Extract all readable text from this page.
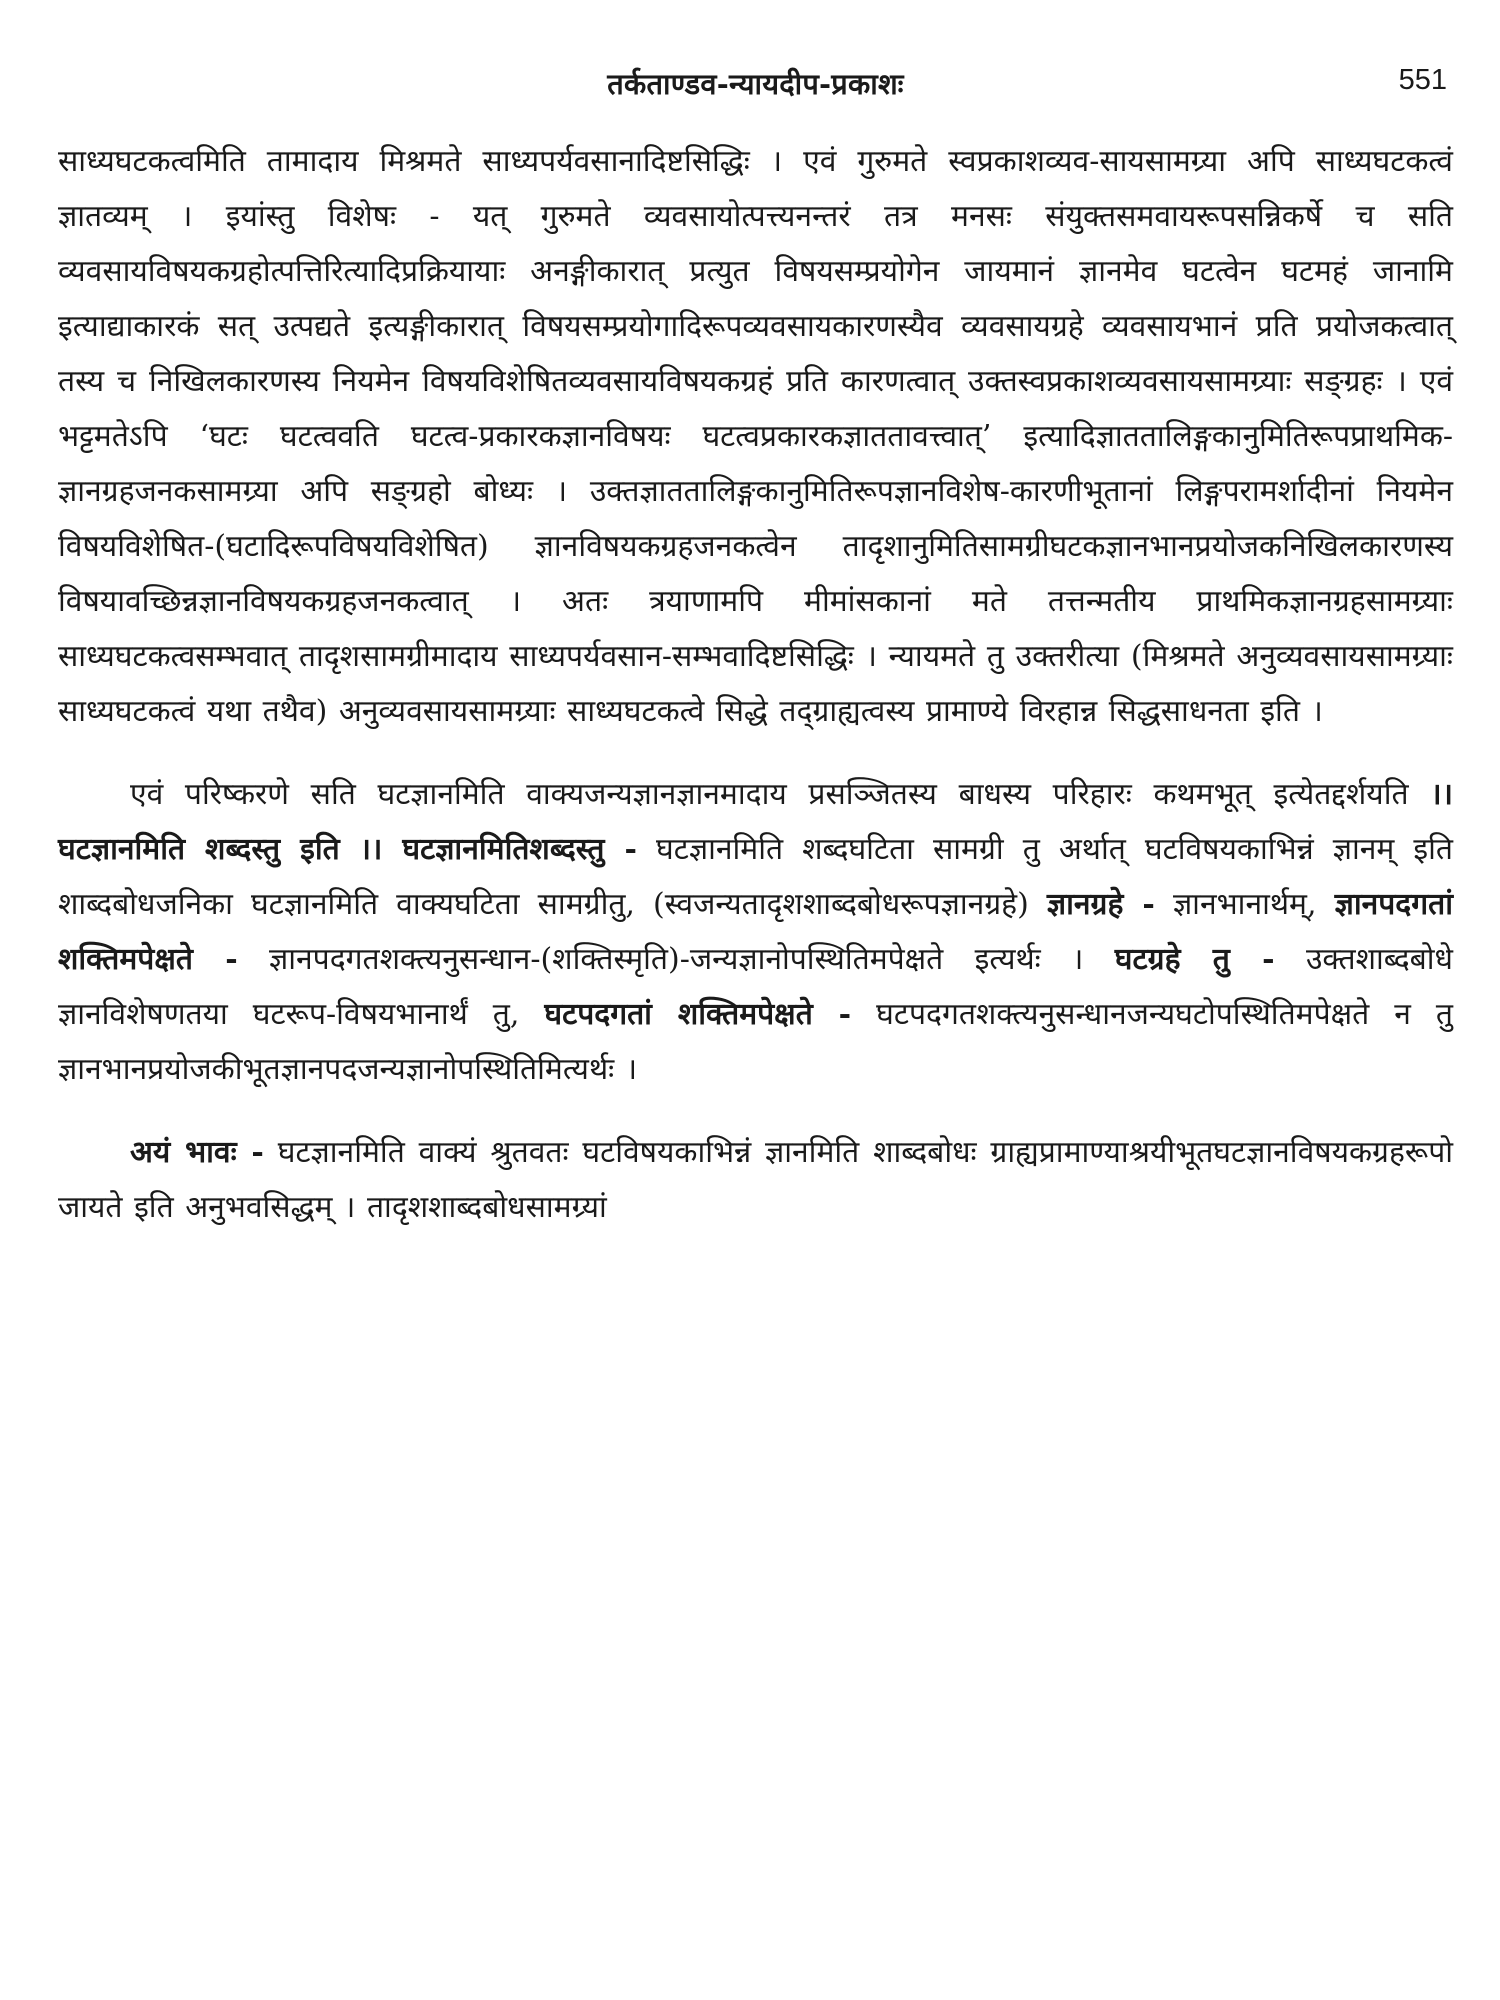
तर्कताण्डव-न्यायदीप-प्रकाशः	551

साध्यघटकत्वमिति तामादाय मिश्रमते साध्यपर्यवसानादिष्टसिद्धिः । एवं गुरुमते स्वप्रकाशव्यव-सायसामग्र्या अपि साध्यघटकत्वं ज्ञातव्यम् । इयांस्तु विशेषः - यत् गुरुमते व्यवसायोत्पत्त्यनन्तरं तत्र मनसः संयुक्तसमवायरूपसन्निकर्षे च सति व्यवसायविषयकग्रहोत्पत्तिरित्यादिप्रक्रियायाः अनङ्गीकारात् प्रत्युत विषयसम्प्रयोगेन जायमानं ज्ञानमेव घटत्वेन घटमहं जानामि इत्याद्याकारकं सत् उत्पद्यते इत्यङ्गीकारात् विषयसम्प्रयोगादिरूपव्यवसायकारणस्यैव व्यवसायग्रहे व्यवसायभानं प्रति प्रयोजकत्वात् तस्य च निखिलकारणस्य नियमेन विषयविशेषितव्यवसायविषयकग्रहं प्रति कारणत्वात् उक्तस्वप्रकाशव्यवसायसामग्र्याः सङ्ग्रहः । एवं भट्टमतेऽपि ‘घटः घटत्ववति घटत्व-प्रकारकज्ञानविषयः घटत्वप्रकारकज्ञाततावत्त्वात्’ इत्यादिज्ञाततालिङ्गकानुमितिरूपप्राथमिक-ज्ञानग्रहजनकसामग्र्या अपि सङ्ग्रहो बोध्यः । उक्तज्ञाततालिङ्गकानुमितिरूपज्ञानविशेष-कारणीभूतानां लिङ्गपरामर्शादीनां नियमेन विषयविशेषित-(घटादिरूपविषयविशेषित) ज्ञानविषयकग्रहजनकत्वेन तादृशानुमितिसामग्रीघटकज्ञानभानप्रयोजकनिखिलकारणस्य विषयावच्छिन्नज्ञानविषयकग्रहजनकत्वात् । अतः त्रयाणामपि मीमांसकानां मते तत्तन्मतीय प्राथमिकज्ञानग्रहसामग्र्याः साध्यघटकत्वसम्भवात् तादृशसामग्रीमादाय साध्यपर्यवसान-सम्भवादिष्टसिद्धिः । न्यायमते तु उक्तरीत्या (मिश्रमते अनुव्यवसायसामग्र्याः साध्यघटकत्वं यथा तथैव) अनुव्यवसायसामग्र्याः साध्यघटकत्वे सिद्धे तद्ग्राह्यत्वस्य प्रामाण्ये विरहान्न सिद्धसाधनता इति ।

एवं परिष्करणे सति घटज्ञानमिति वाक्यजन्यज्ञानज्ञानमादाय प्रसञ्जितस्य बाधस्य परिहारः कथमभूत् इत्येतद्दर्शयति ।। घटज्ञानमिति शब्दस्तु इति ।। घटज्ञानमितिशब्दस्तु - घटज्ञानमिति शब्दघटिता सामग्री तु अर्थात् घटविषयकाभिन्नं ज्ञानम् इति शाब्दबोधजनिका घटज्ञानमिति वाक्यघटिता सामग्रीतु, (स्वजन्यतादृशशाब्दबोधरूपज्ञानग्रहे) ज्ञानग्रहे - ज्ञानभानार्थम्, ज्ञानपदगतां शक्तिमपेक्षते - ज्ञानपदगतशक्त्यनुसन्धान-(शक्तिस्मृति)-जन्यज्ञानोपस्थितिमपेक्षते इत्यर्थः । घटग्रहे तु - उक्तशाब्दबोधे ज्ञानविशेषणतया घटरूप-विषयभानार्थं तु, घटपदगतां शक्तिमपेक्षते - घटपदगतशक्त्यनुसन्धानजन्यघटोपस्थितिमपेक्षते न तु ज्ञानभानप्रयोजकीभूतज्ञानपदजन्यज्ञानोपस्थितिमित्यर्थः ।

अयं भावः - घटज्ञानमिति वाक्यं श्रुतवतः घटविषयकाभिन्नं ज्ञानमिति शाब्दबोधः ग्राह्यप्रामाण्याश्रयीभूतघटज्ञानविषयकग्रहरूपो जायते इति अनुभवसिद्धम् । तादृशशाब्दबोधसामग्र्यां
